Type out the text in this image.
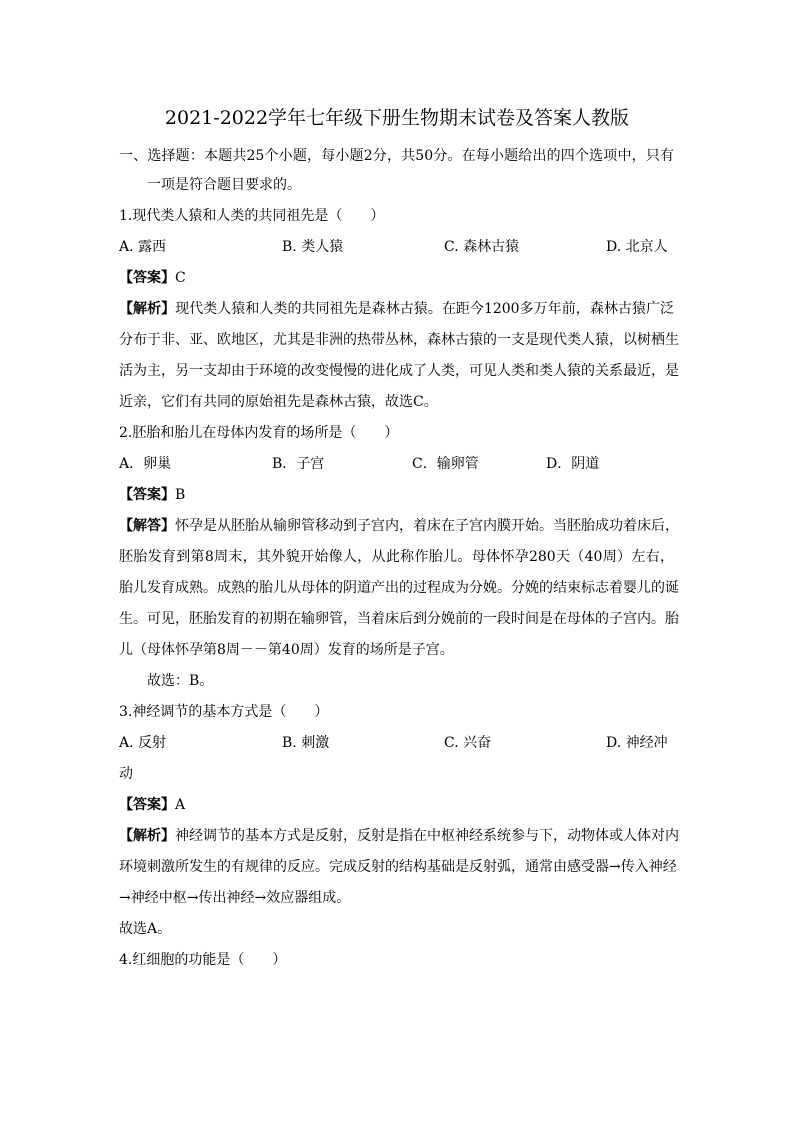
2021-2022学年七年级下册生物期末试卷及答案人教版
一、选择题：本题共25个小题，每小题2分，共50分。在每小题给出的四个选项中，只有
一项是符合题目要求的。
1.现代类人猿和人类的共同祖先是（　　）
A. 露西	B. 类人猿	C. 森林古猿	D. 北京人
【答案】C
【解析】现代类人猿和人类的共同祖先是森林古猿。在距今1200多万年前，森林古猿广泛
分布于非、亚、欧地区，尤其是非洲的热带丛林，森林古猿的一支是现代类人猿，以树栖生
活为主，另一支却由于环境的改变慢慢的进化成了人类，可见人类和类人猿的关系最近，是
近亲，它们有共同的原始祖先是森林古猿，故选C。
2.胚胎和胎儿在母体内发育的场所是（　　）
A．卵巢	B．子宫	C．输卵管	D．阴道
【答案】B
【解答】怀孕是从胚胎从输卵管移动到子宫内，着床在子宫内膜开始。当胚胎成功着床后，
胚胎发育到第8周末，其外貌开始像人，从此称作胎儿。母体怀孕280天（40周）左右，
胎儿发育成熟。成熟的胎儿从母体的阴道产出的过程成为分娩。分娩的结束标志着婴儿的诞
生。可见，胚胎发育的初期在输卵管，当着床后到分娩前的一段时间是在母体的子宫内。胎
儿（母体怀孕第8周－－第40周）发育的场所是子宫。
故选：B。
3.神经调节的基本方式是（　　）
A. 反射	B. 刺激	C. 兴奋	D. 神经冲
动
【答案】A
【解析】神经调节的基本方式是反射，反射是指在中枢神经系统参与下，动物体或人体对内
环境刺激所发生的有规律的反应。完成反射的结构基础是反射弧，通常由感受器→传入神经
→神经中枢→传出神经→效应器组成。
故选A。
4.红细胞的功能是（　　）
